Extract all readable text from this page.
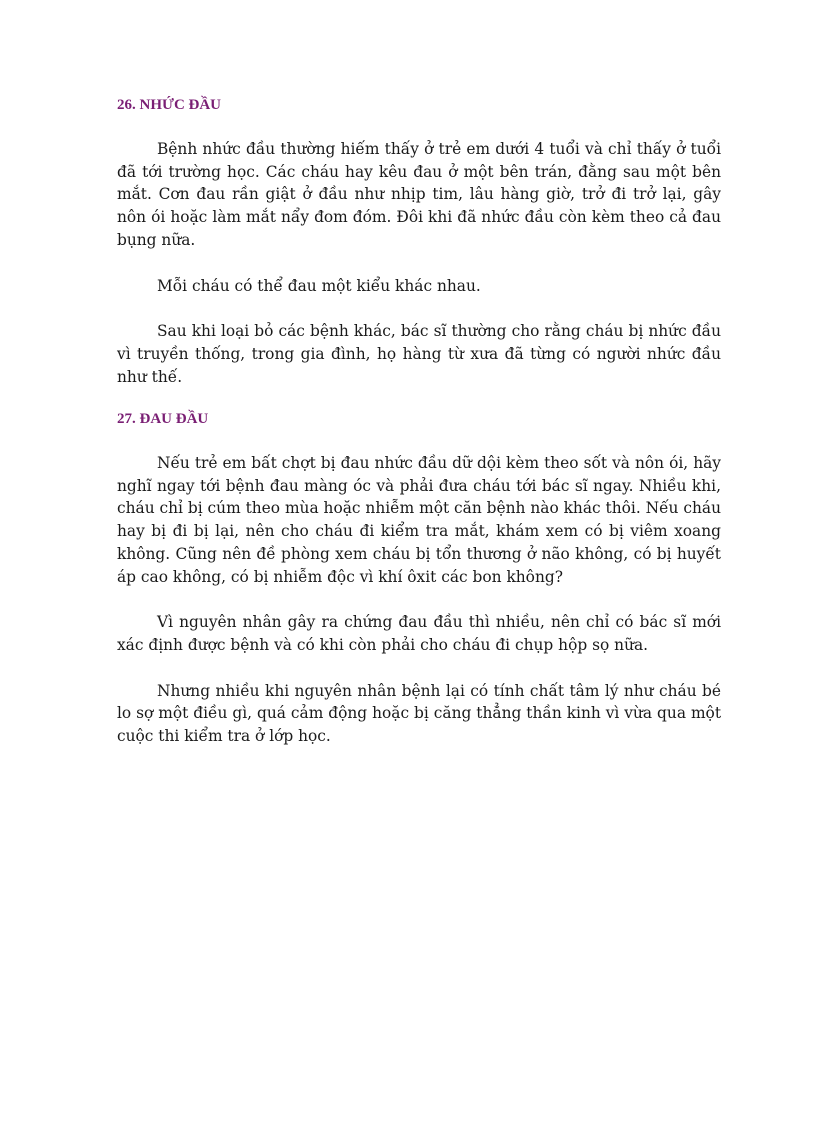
26. NHỨC ĐẦU

Bệnh nhức đầu thường hiếm thấy ở trẻ em dưới 4 tuổi và chỉ thấy ở tuổi đã tới trường học. Các cháu hay kêu đau ở một bên trán, đằng sau một bên mắt. Cơn đau rần giật ở đầu như nhịp tim, lâu hàng giờ, trở đi trở lại, gây nôn ói hoặc làm mắt nẩy đom đóm. Đôi khi đã nhức đầu còn kèm theo cả đau bụng nữa.

Mỗi cháu có thể đau một kiểu khác nhau.

Sau khi loại bỏ các bệnh khác, bác sĩ thường cho rằng cháu bị nhức đầu vì truyền thống, trong gia đình, họ hàng từ xưa đã từng có người nhức đầu như thế.

27. ĐAU ĐẦU

Nếu trẻ em bất chợt bị đau nhức đầu dữ dội kèm theo sốt và nôn ói, hãy nghĩ ngay tới bệnh đau màng óc và phải đưa cháu tới bác sĩ ngay. Nhiều khi, cháu chỉ bị cúm theo mùa hoặc nhiễm một căn bệnh nào khác thôi. Nếu cháu hay bị đi bị lại, nên cho cháu đi kiểm tra mắt, khám xem có bị viêm xoang không. Cũng nên đề phòng xem cháu bị tổn thương ở não không, có bị huyết áp cao không, có bị nhiễm độc vì khí ôxit các bon không?

Vì nguyên nhân gây ra chứng đau đầu thì nhiều, nên chỉ có bác sĩ mới xác định được bệnh và có khi còn phải cho cháu đi chụp hộp sọ nữa.

Nhưng nhiều khi nguyên nhân bệnh lại có tính chất tâm lý như cháu bé lo sợ một điều gì, quá cảm động hoặc bị căng thẳng thần kinh vì vừa qua một cuộc thi kiểm tra ở lớp học.
